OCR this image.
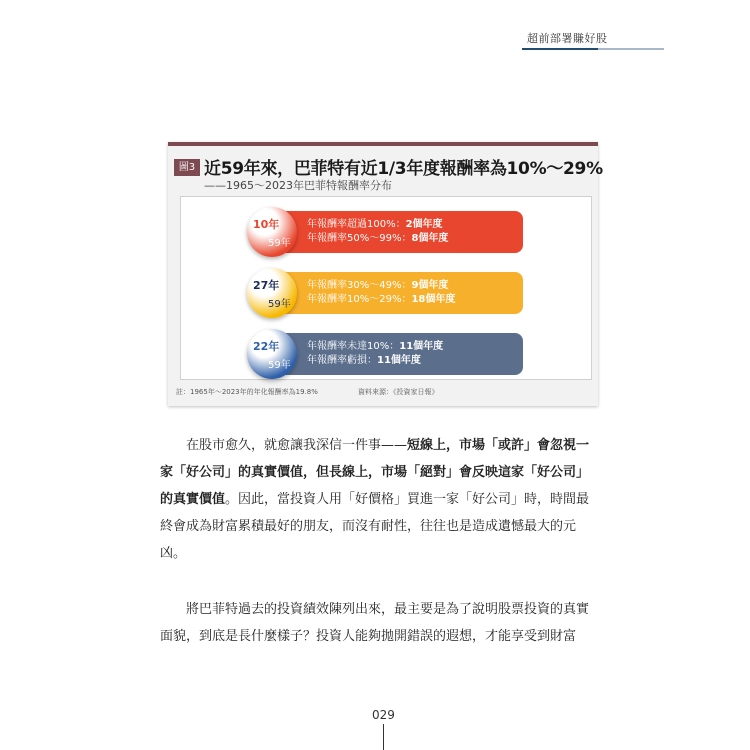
超前部署賺好股
圖3 近59年來，巴菲特有近1/3年度報酬率為10%～29%
——1965～2023年巴菲特報酬率分布
年報酬率超過100%：2個年度
年報酬率50%～99%：8個年度
10年
59年
年報酬率30%～49%：9個年度
年報酬率10%～29%：18個年度
27年
59年
年報酬率未達10%：11個年度
年報酬率虧損：11個年度
22年
59年
註：1965年～2023年的年化報酬率為19.8%	資料來源：《投資家日報》

在股市愈久，就愈讓我深信一件事——短線上，市場「或許」會忽視一家「好公司」的真實價值，但長線上，市場「絕對」會反映這家「好公司」的真實價值。因此，當投資人用「好價格」買進一家「好公司」時，時間最終會成為財富累積最好的朋友，而沒有耐性，往往也是造成遺憾最大的元凶。

將巴菲特過去的投資績效陳列出來，最主要是為了說明股票投資的真實面貌，到底是長什麼樣子？投資人能夠拋開錯誤的遐想，才能享受到財富

029
